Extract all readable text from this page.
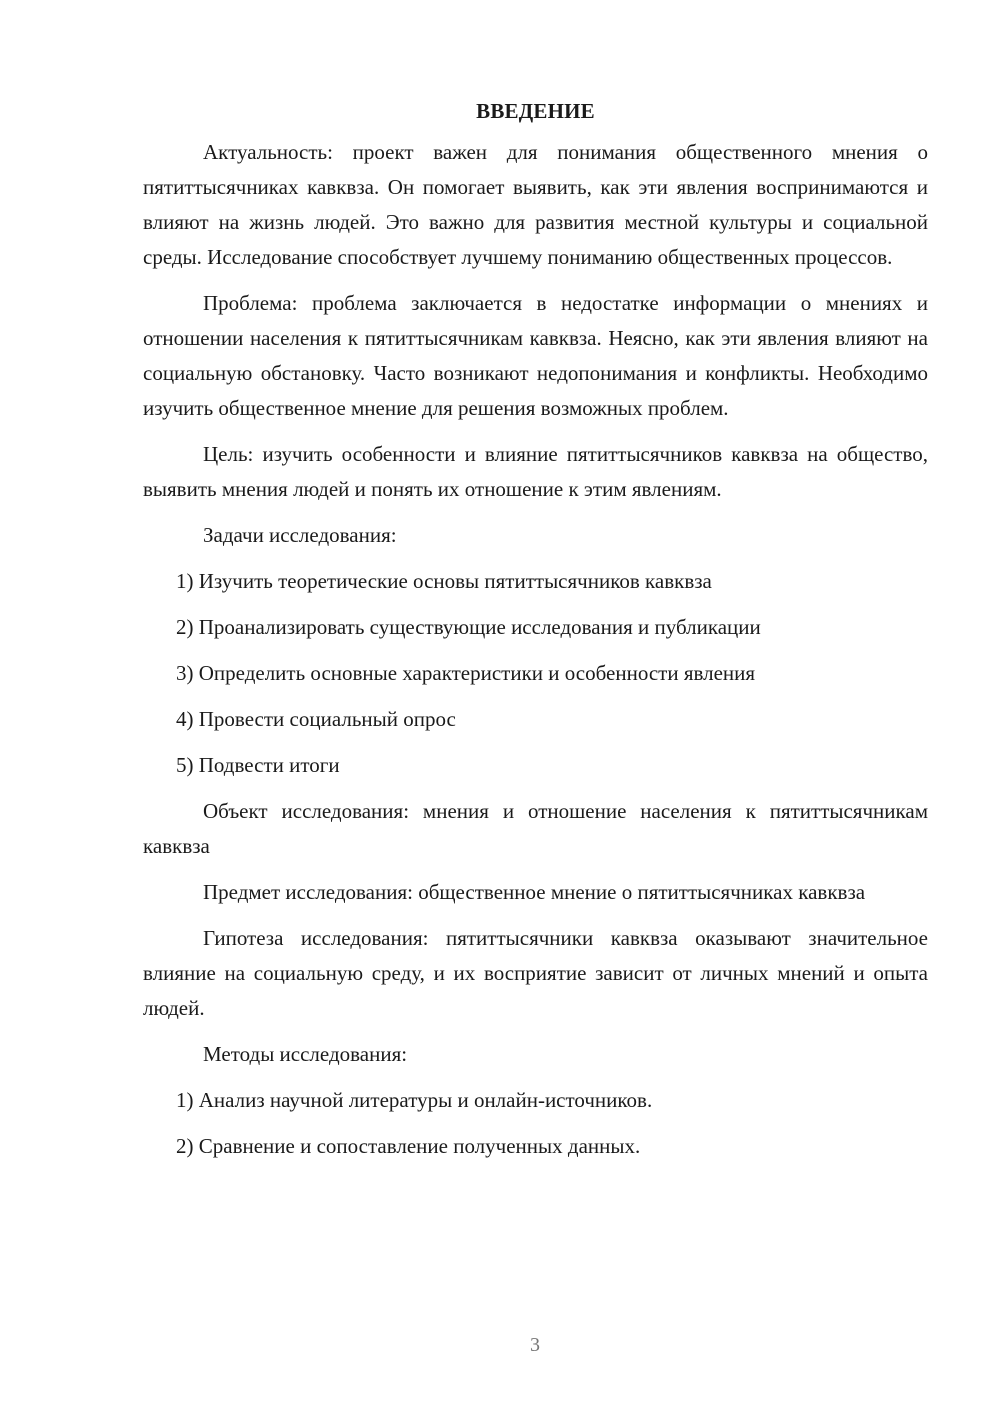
ВВЕДЕНИЕ

Актуальность: проект важен для понимания общественного мнения о пятиттысячниках кавквза. Он помогает выявить, как эти явления воспринимаются и влияют на жизнь людей. Это важно для развития местной культуры и социальной среды. Исследование способствует лучшему пониманию общественных процессов.

Проблема: проблема заключается в недостатке информации о мнениях и отношении населения к пятиттысячникам кавквза. Неясно, как эти явления влияют на социальную обстановку. Часто возникают недопонимания и конфликты. Необходимо изучить общественное мнение для решения возможных проблем.

Цель: изучить особенности и влияние пятиттысячников кавквза на общество, выявить мнения людей и понять их отношение к этим явлениям.

Задачи исследования:

1) Изучить теоретические основы пятиттысячников кавквза

2) Проанализировать существующие исследования и публикации

3) Определить основные характеристики и особенности явления

4) Провести социальный опрос

5) Подвести итоги

Объект исследования: мнения и отношение населения к пятиттысячникам кавквза

Предмет исследования: общественное мнение о пятиттысячниках кавквза

Гипотеза исследования: пятиттысячники кавквза оказывают значительное влияние на социальную среду, и их восприятие зависит от личных мнений и опыта людей.

Методы исследования:

1) Анализ научной литературы и онлайн-источников.

2) Сравнение и сопоставление полученных данных.

3
